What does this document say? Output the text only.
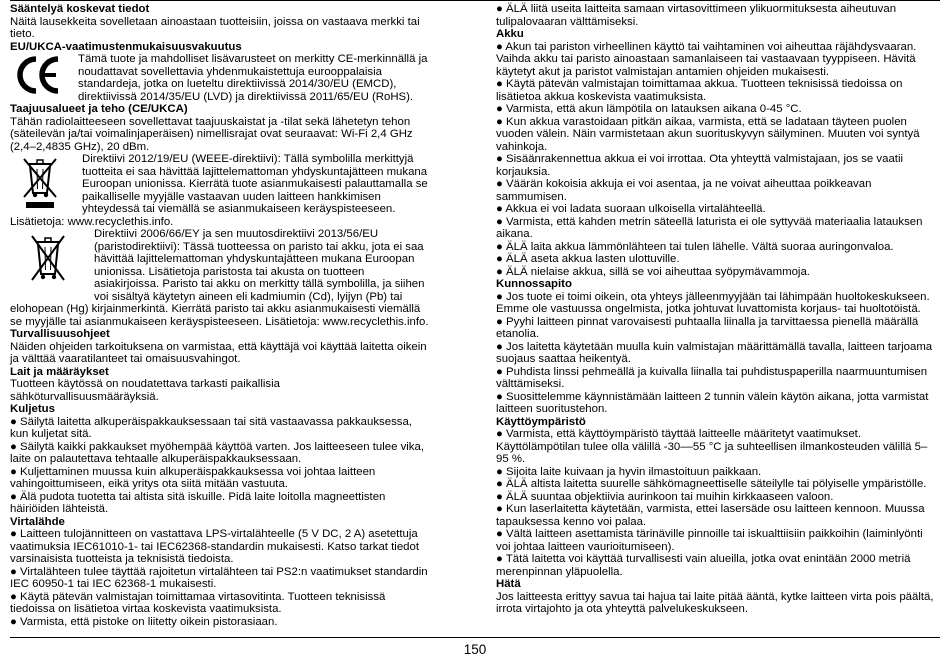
Sääntelyä koskevat tiedot

Näitä lausekkeita sovelletaan ainoastaan tuotteisiin, joissa on vastaava merkki tai tieto.

EU/UKCA-vaatimustenmukaisuusvakuutus

Tämä tuote ja mahdolliset lisävarusteet on merkitty CE-merkinnällä ja noudattavat sovellettavia yhdenmukaistettuja eurooppalaisia standardeja, jotka on lueteltu direktiivissä 2014/30/EU (EMCD), direktiivissä 2014/35/EU (LVD) ja direktiivissä 2011/65/EU (RoHS).

Taajuusalueet ja teho (CE/UKCA)

Tähän radiolaitteeseen sovellettavat taajuuskaistat ja -tilat sekä lähetetyn tehon (säteilevän ja/tai voimalinjaperäisen) nimellisrajat ovat seuraavat: Wi-Fi 2,4 GHz (2,4–2,4835 GHz), 20 dBm.

Direktiivi 2012/19/EU (WEEE-direktiivi): Tällä symbolilla merkittyjä tuotteita ei saa hävittää lajittelemattoman yhdyskuntajätteen mukana Euroopan unionissa. Kierrätä tuote asianmukaisesti palauttamalla se paikalliselle myyjälle vastaavan uuden laitteen hankkimisen yhteydessä tai viemällä se asianmukaiseen keräyspisteeseen. Lisätietoja: www.recyclethis.info.

Direktiivi 2006/66/EY ja sen muutosdirektiivi 2013/56/EU (paristodirektiivi): Tässä tuotteessa on paristo tai akku, jota ei saa hävittää lajittelemattoman yhdyskuntajätteen mukana Euroopan unionissa. Lisätietoja paristosta tai akusta on tuotteen asiakirjoissa. Paristo tai akku on merkitty tällä symbolilla, ja siihen voi sisältyä käytetyn aineen eli kadmiumin (Cd), lyijyn (Pb) tai elohopean (Hg) kirjainmerkintä. Kierrätä paristo tai akku asianmukaisesti viemällä se myyjälle tai asianmukaiseen keräyspisteeseen. Lisätietoja: www.recyclethis.info.

Turvallisuusohjeet

Näiden ohjeiden tarkoituksena on varmistaa, että käyttäjä voi käyttää laitetta oikein ja välttää vaaratilanteet tai omaisuusvahingot.

Lait ja määräykset

Tuotteen käytössä on noudatettava tarkasti paikallisia sähköturvallisuusmääräyksiä.

Kuljetus

● Säilytä laitetta alkuperäispakkauksessaan tai sitä vastaavassa pakkauksessa, kun kuljetat sitä.

● Säilytä kaikki pakkaukset myöhempää käyttöä varten. Jos laitteeseen tulee vika, laite on palautettava tehtaalle alkuperäispakkauksessaan.

● Kuljettaminen muussa kuin alkuperäispakkauksessa voi johtaa laitteen vahingoittumiseen, eikä yritys ota siitä mitään vastuuta.

● Älä pudota tuotetta tai altista sitä iskuille. Pidä laite loitolla magneettisten häiriöiden lähteistä.

Virtalähde

● Laitteen tulojännitteen on vastattava LPS-virtalähteelle (5 V DC, 2 A) asetettuja vaatimuksia IEC61010-1- tai IEC62368-standardin mukaisesti. Katso tarkat tiedot varsinaisista tuotteista ja teknisistä tiedoista.

● Virtalähteen tulee täyttää rajoitetun virtalähteen tai PS2:n vaatimukset standardin IEC 60950-1 tai IEC 62368-1 mukaisesti.

● Käytä pätevän valmistajan toimittamaa virtasovitinta. Tuotteen teknisissä tiedoissa on lisätietoa virtaa koskevista vaatimuksista.

● Varmista, että pistoke on liitetty oikein pistorasiaan.

● ÄLÄ liitä useita laitteita samaan virtasovittimeen ylikuormituksesta aiheutuvan tulipalovaaran välttämiseksi.

Akku

● Akun tai pariston virheellinen käyttö tai vaihtaminen voi aiheuttaa räjähdysvaaran. Vaihda akku tai paristo ainoastaan samanlaiseen tai vastaavaan tyyppiseen. Hävitä käytetyt akut ja paristot valmistajan antamien ohjeiden mukaisesti.

● Käytä pätevän valmistajan toimittamaa akkua. Tuotteen teknisissä tiedoissa on lisätietoa akkua koskevista vaatimuksista.

● Varmista, että akun lämpötila on latauksen aikana 0-45 °C.

● Kun akkua varastoidaan pitkän aikaa, varmista, että se ladataan täyteen puolen vuoden välein. Näin varmistetaan akun suorituskyvyn säilyminen. Muuten voi syntyä vahinkoja.

● Sisäänrakennettua akkua ei voi irrottaa. Ota yhteyttä valmistajaan, jos se vaatii korjauksia.

● Väärän kokoisia akkuja ei voi asentaa, ja ne voivat aiheuttaa poikkeavan sammumisen.

● Akkua ei voi ladata suoraan ulkoisella virtalähteellä.

● Varmista, että kahden metrin säteellä laturista ei ole syttyvää materiaalia latauksen aikana.

● ÄLÄ laita akkua lämmönlähteen tai tulen lähelle. Vältä suoraa auringonvaloa.

● ÄLÄ aseta akkua lasten ulottuville.

● ÄLÄ nielaise akkua, sillä se voi aiheuttaa syöpymävammoja.

Kunnossapito

● Jos tuote ei toimi oikein, ota yhteys jälleenmyyjään tai lähimpään huoltokeskukseen. Emme ole vastuussa ongelmista, jotka johtuvat luvattomista korjaus- tai huoltotöistä.

● Pyyhi laitteen pinnat varovaisesti puhtaalla liinalla ja tarvittaessa pienellä määrällä etanolia.

● Jos laitetta käytetään muulla kuin valmistajan määrittämällä tavalla, laitteen tarjoama suojaus saattaa heikentyä.

● Puhdista linssi pehmeällä ja kuivalla liinalla tai puhdistuspaperilla naarmuuntumisen välttämiseksi.

● Suosittelemme käynnistämään laitteen 2 tunnin välein käytön aikana, jotta varmistat laitteen suoritustehon.

Käyttöympäristö

● Varmista, että käyttöympäristö täyttää laitteelle määritetyt vaatimukset. Käyttölämpötilan tulee olla välillä -30––55 °C ja suhteellisen ilmankosteuden välillä 5–95 %.

● Sijoita laite kuivaan ja hyvin ilmastoituun paikkaan.

● ÄLÄ altista laitetta suurelle sähkömagneettiselle säteilylle tai pölyiselle ympäristölle.

● ÄLÄ suuntaa objektiivia aurinkoon tai muihin kirkkaaseen valoon.

● Kun laserlaitetta käytetään, varmista, ettei lasersäde osu laitteen kennoon. Muussa tapauksessa kenno voi palaa.

● Vältä laitteen asettamista tärinäville pinnoille tai iskualttiisiin paikkoihin (laiminlyönti voi johtaa laitteen vaurioitumiseen).

● Tätä laitetta voi käyttää turvallisesti vain alueilla, jotka ovat enintään 2000 metriä merenpinnan yläpuolella.

Hätä

Jos laitteesta erittyy savua tai hajua tai laite pitää ääntä, kytke laitteen virta pois päältä, irrota virtajohto ja ota yhteyttä palvelukeskukseen.

150
